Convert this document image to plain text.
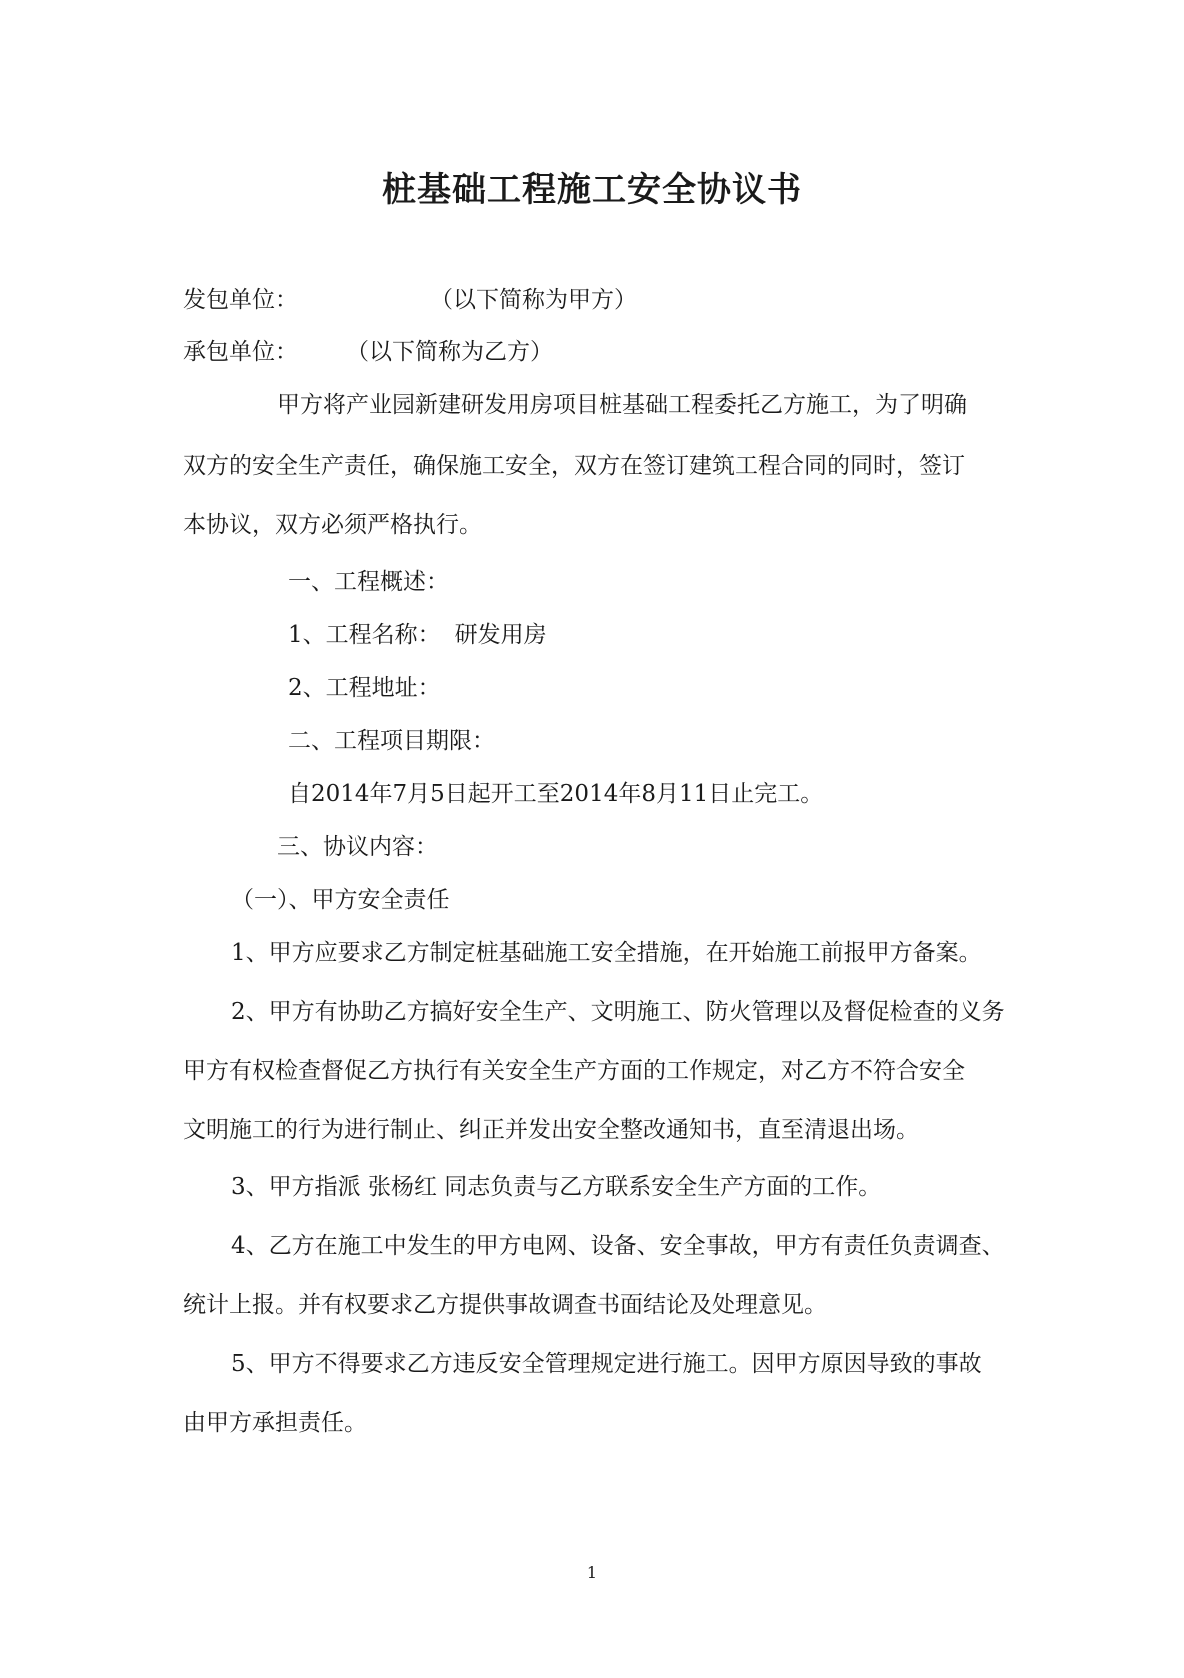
桩基础工程施工安全协议书
发包单位：	（以下简称为甲方）
承包单位： （以下简称为乙方）
甲方将产业园新建研发用房项目桩基础工程委托乙方施工，为了明确
双方的安全生产责任，确保施工安全，双方在签订建筑工程合同的同时，签订
本协议，双方必须严格执行。
一、工程概述：
1、工程名称： 研发用房
2、工程地址：
二、工程项目期限：
自2014年7月5日起开工至2014年8月11日止完工。
三、协议内容：
（一）、甲方安全责任
1、甲方应要求乙方制定桩基础施工安全措施，在开始施工前报甲方备案。
2、甲方有协助乙方搞好安全生产、文明施工、防火管理以及督促检查的义务
甲方有权检查督促乙方执行有关安全生产方面的工作规定，对乙方不符合安全
文明施工的行为进行制止、纠正并发出安全整改通知书，直至清退出场。
3、甲方指派 张杨红 同志负责与乙方联系安全生产方面的工作。
4、乙方在施工中发生的甲方电网、设备、安全事故，甲方有责任负责调查、
统计上报。并有权要求乙方提供事故调查书面结论及处理意见。
5、甲方不得要求乙方违反安全管理规定进行施工。因甲方原因导致的事故
由甲方承担责任。
1
